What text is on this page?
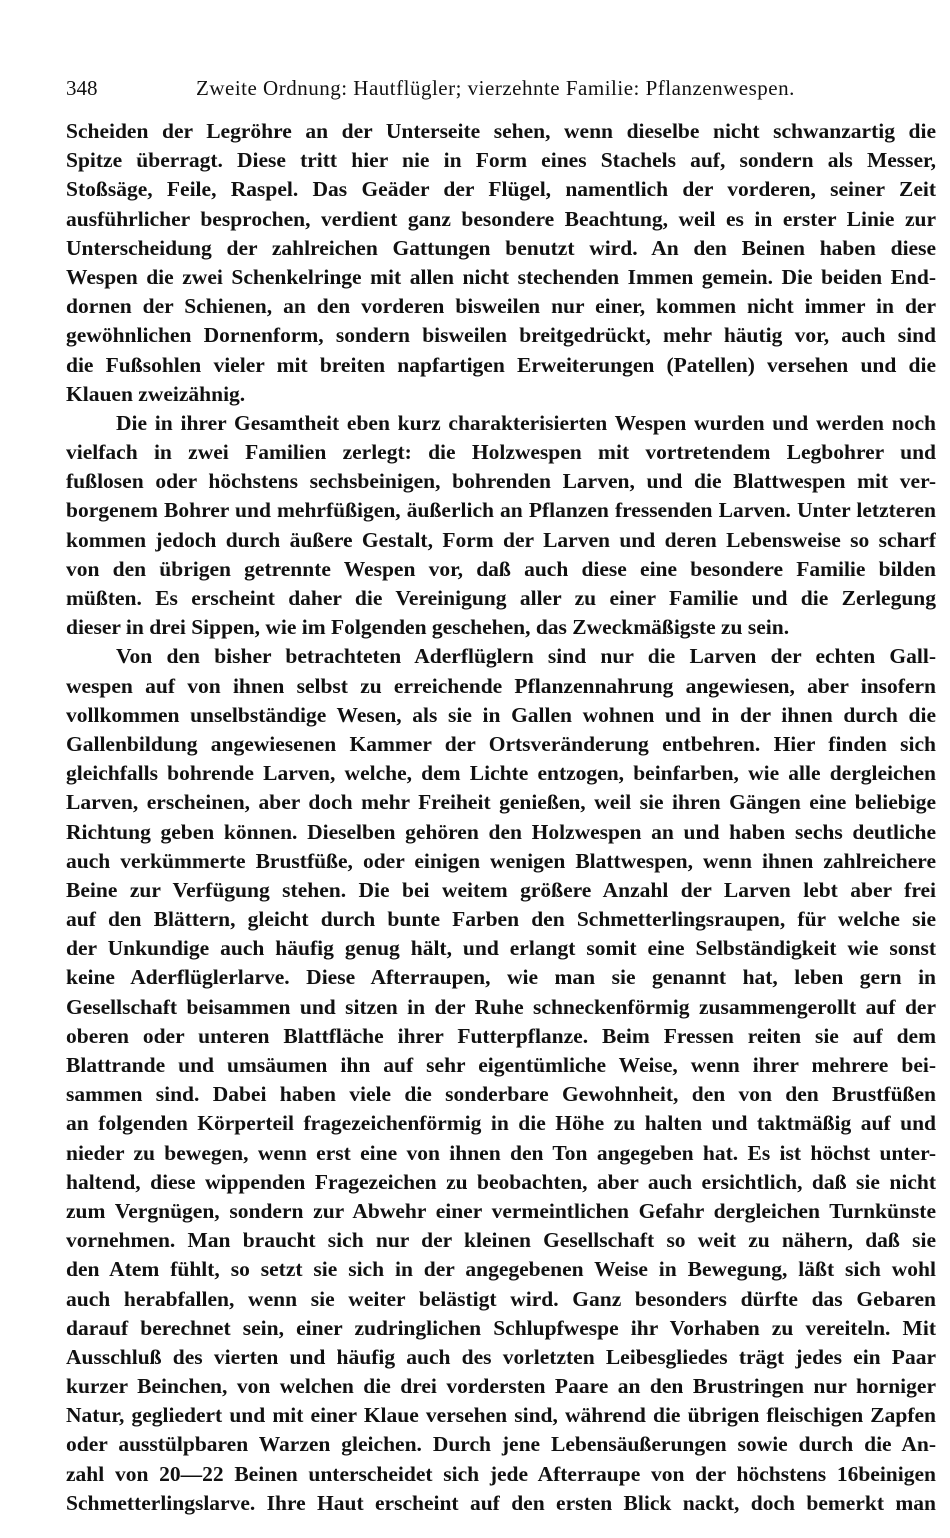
348	Zweite Ordnung: Hautflügler; vierzehnte Familie: Pflanzenwespen.
Scheiden der Legröhre an der Unterseite sehen, wenn dieselbe nicht schwanzartig die
Spitze überragt. Diese tritt hier nie in Form eines Stachels auf, sondern als Messer,
Stoßsäge, Feile, Raspel. Das Geäder der Flügel, namentlich der vorderen, seiner Zeit
ausführlicher besprochen, verdient ganz besondere Beachtung, weil es in erster Linie zur
Unterscheidung der zahlreichen Gattungen benutzt wird. An den Beinen haben diese
Wespen die zwei Schenkelringe mit allen nicht stechenden Immen gemein. Die beiden End-
dornen der Schienen, an den vorderen bisweilen nur einer, kommen nicht immer in der
gewöhnlichen Dornenform, sondern bisweilen breitgedrückt, mehr häutig vor, auch sind
die Fußsohlen vieler mit breiten napfartigen Erweiterungen (Patellen) versehen und die
Klauen zweizähnig.
Die in ihrer Gesamtheit eben kurz charakterisierten Wespen wurden und werden noch
vielfach in zwei Familien zerlegt: die Holzwespen mit vortretendem Legbohrer und
fußlosen oder höchstens sechsbeinigen, bohrenden Larven, und die Blattwespen mit ver-
borgenem Bohrer und mehrfüßigen, äußerlich an Pflanzen fressenden Larven. Unter letzteren
kommen jedoch durch äußere Gestalt, Form der Larven und deren Lebensweise so scharf
von den übrigen getrennte Wespen vor, daß auch diese eine besondere Familie bilden
müßten. Es erscheint daher die Vereinigung aller zu einer Familie und die Zerlegung
dieser in drei Sippen, wie im Folgenden geschehen, das Zweckmäßigste zu sein.
Von den bisher betrachteten Aderflüglern sind nur die Larven der echten Gall-
wespen auf von ihnen selbst zu erreichende Pflanzennahrung angewiesen, aber insofern
vollkommen unselbständige Wesen, als sie in Gallen wohnen und in der ihnen durch die
Gallenbildung angewiesenen Kammer der Ortsveränderung entbehren. Hier finden sich
gleichfalls bohrende Larven, welche, dem Lichte entzogen, beinfarben, wie alle dergleichen
Larven, erscheinen, aber doch mehr Freiheit genießen, weil sie ihren Gängen eine beliebige
Richtung geben können. Dieselben gehören den Holzwespen an und haben sechs deutliche
auch verkümmerte Brustfüße, oder einigen wenigen Blattwespen, wenn ihnen zahlreichere
Beine zur Verfügung stehen. Die bei weitem größere Anzahl der Larven lebt aber frei
auf den Blättern, gleicht durch bunte Farben den Schmetterlingsraupen, für welche sie
der Unkundige auch häufig genug hält, und erlangt somit eine Selbständigkeit wie sonst
keine Aderflüglerlarve. Diese Afterraupen, wie man sie genannt hat, leben gern in
Gesellschaft beisammen und sitzen in der Ruhe schneckenförmig zusammengerollt auf der
oberen oder unteren Blattfläche ihrer Futterpflanze. Beim Fressen reiten sie auf dem
Blattrande und umsäumen ihn auf sehr eigentümliche Weise, wenn ihrer mehrere bei-
sammen sind. Dabei haben viele die sonderbare Gewohnheit, den von den Brustfüßen
an folgenden Körperteil fragezeichenförmig in die Höhe zu halten und taktmäßig auf und
nieder zu bewegen, wenn erst eine von ihnen den Ton angegeben hat. Es ist höchst unter-
haltend, diese wippenden Fragezeichen zu beobachten, aber auch ersichtlich, daß sie nicht
zum Vergnügen, sondern zur Abwehr einer vermeintlichen Gefahr dergleichen Turnkünste
vornehmen. Man braucht sich nur der kleinen Gesellschaft so weit zu nähern, daß sie
den Atem fühlt, so setzt sie sich in der angegebenen Weise in Bewegung, läßt sich wohl
auch herabfallen, wenn sie weiter belästigt wird. Ganz besonders dürfte das Gebaren
darauf berechnet sein, einer zudringlichen Schlupfwespe ihr Vorhaben zu vereiteln. Mit
Ausschluß des vierten und häufig auch des vorletzten Leibesgliedes trägt jedes ein Paar
kurzer Beinchen, von welchen die drei vordersten Paare an den Brustringen nur horniger
Natur, gegliedert und mit einer Klaue versehen sind, während die übrigen fleischigen Zapfen
oder ausstülpbaren Warzen gleichen. Durch jene Lebensäußerungen sowie durch die An-
zahl von 20—22 Beinen unterscheidet sich jede Afterraupe von der höchstens 16beinigen
Schmetterlingslarve. Ihre Haut erscheint auf den ersten Blick nackt, doch bemerkt man
